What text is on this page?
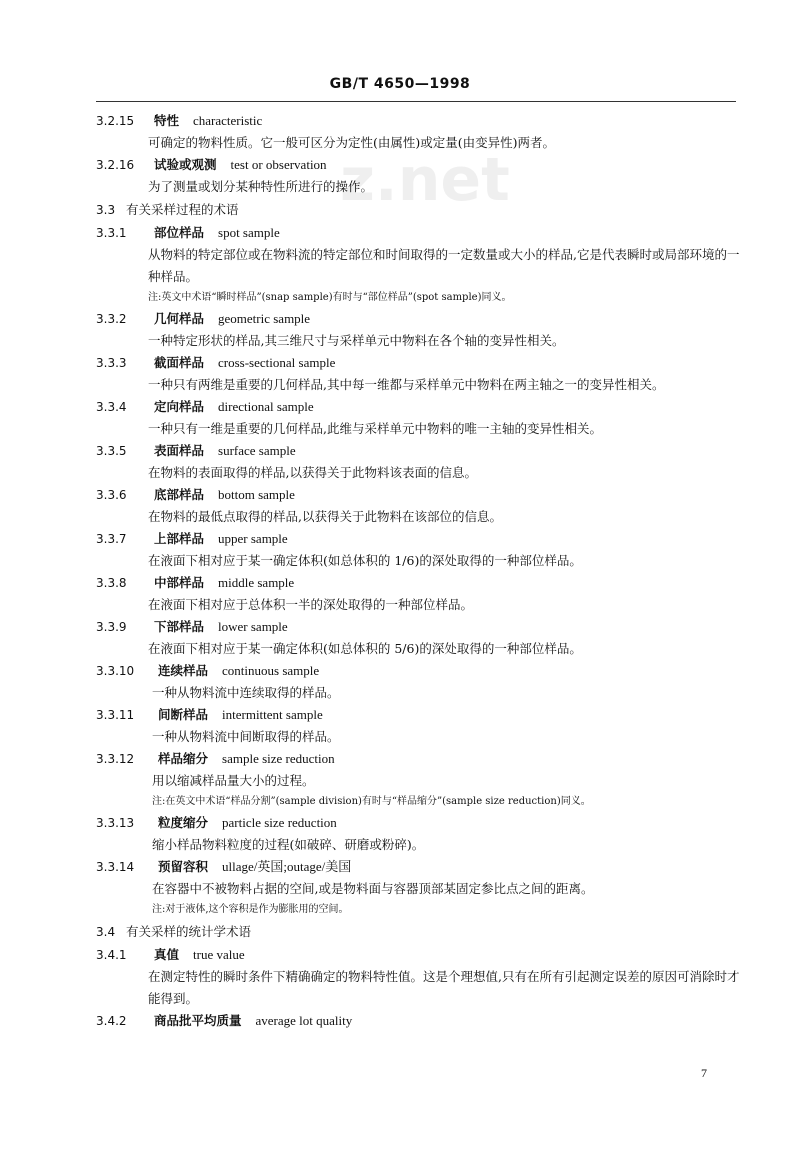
GB/T 4650—1998
z.net
3.2.15 特性 characteristic
可确定的物料性质。它一般可区分为定性(由属性)或定量(由变异性)两者。
3.2.16 试验或观测 test or observation
为了测量或划分某种特性所进行的操作。
3.3 有关采样过程的术语
3.3.1 部位样品 spot sample
从物料的特定部位或在物料流的特定部位和时间取得的一定数量或大小的样品,它是代表瞬时或局部环境的一种样品。
注:英文中术语“瞬时样品”(snap sample)有时与“部位样品”(spot sample)同义。
3.3.2 几何样品 geometric sample
一种特定形状的样品,其三维尺寸与采样单元中物料在各个轴的变异性相关。
3.3.3 截面样品 cross-sectional sample
一种只有两维是重要的几何样品,其中每一维都与采样单元中物料在两主轴之一的变异性相关。
3.3.4 定向样品 directional sample
一种只有一维是重要的几何样品,此维与采样单元中物料的唯一主轴的变异性相关。
3.3.5 表面样品 surface sample
在物料的表面取得的样品,以获得关于此物料该表面的信息。
3.3.6 底部样品 bottom sample
在物料的最低点取得的样品,以获得关于此物料在该部位的信息。
3.3.7 上部样品 upper sample
在液面下相对应于某一确定体积(如总体积的 1/6)的深处取得的一种部位样品。
3.3.8 中部样品 middle sample
在液面下相对应于总体积一半的深处取得的一种部位样品。
3.3.9 下部样品 lower sample
在液面下相对应于某一确定体积(如总体积的 5/6)的深处取得的一种部位样品。
3.3.10 连续样品 continuous sample
一种从物料流中连续取得的样品。
3.3.11 间断样品 intermittent sample
一种从物料流中间断取得的样品。
3.3.12 样品缩分 sample size reduction
用以缩减样品量大小的过程。
注:在英文中术语“样品分割”(sample division)有时与“样品缩分”(sample size reduction)同义。
3.3.13 粒度缩分 particle size reduction
缩小样品物料粒度的过程(如破碎、研磨或粉碎)。
3.3.14 预留容积 ullage/英国;outage/美国
在容器中不被物料占据的空间,或是物料面与容器顶部某固定参比点之间的距离。
注:对于液体,这个容积是作为膨胀用的空间。
3.4 有关采样的统计学术语
3.4.1 真值 true value
在测定特性的瞬时条件下精确确定的物料特性值。这是个理想值,只有在所有引起测定误差的原因可消除时才能得到。
3.4.2 商品批平均质量 average lot quality
7
